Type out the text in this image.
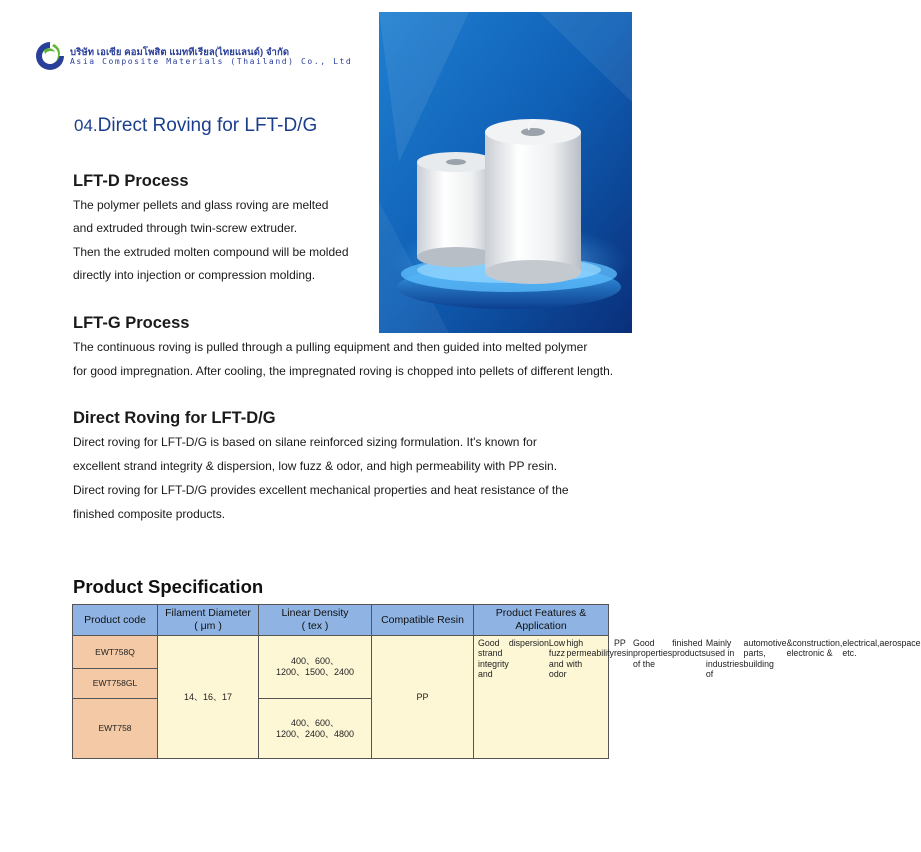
บริษัท เอเซีย คอมโพสิต แมททีเรียล(ไทยแลนด์) จำกัด
Asia Composite Materials (Thailand) Co., Ltd
04.Direct Roving for LFT-D/G
LFT-D Process
The polymer pellets and glass roving are melted
and extruded through twin-screw extruder.
Then the extruded molten compound will be molded
directly into injection or compression molding.
LFT-G Process
The continuous roving is pulled through a pulling equipment and then guided into melted polymer
for good impregnation. After cooling, the impregnated roving is chopped into pellets of different length.
Direct Roving for LFT-D/G
Direct roving for LFT-D/G is based on silane reinforced sizing formulation. It's known for
excellent strand integrity & dispersion, low fuzz & odor, and high permeability with PP resin.
Direct roving for LFT-D/G provides excellent mechanical properties and heat resistance of the
finished composite products.
Product Specification
Product code
Filament Diameter
( μm )
Linear Density
( tex )
Compatible Resin
Product Features &
Application
EWT758Q
EWT758GL
EWT758
14、16、17
400、600、
1200、1500、2400
400、600、
1200、2400、4800
PP
Good strand integrity and
dispersion Low fuzz and odor
high permeability with
PP resin
Good properties of the
finished products
Mainly used in industries of
automotive parts, building
&construction, electronic &
electrical,aerospace etc.
